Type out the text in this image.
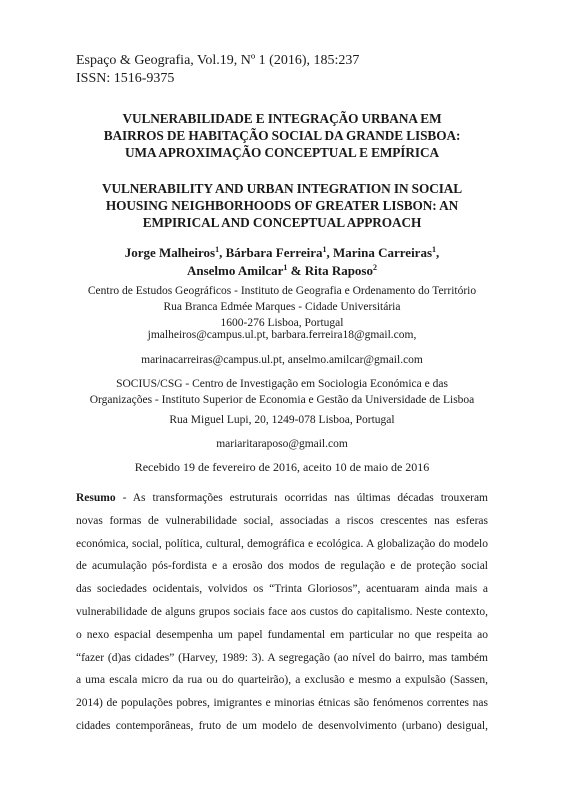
Espaço & Geografia, Vol.19, Nº 1 (2016), 185:237
ISSN: 1516-9375
VULNERABILIDADE E INTEGRAÇÃO URBANA EM
BAIRROS DE HABITAÇÃO SOCIAL DA GRANDE LISBOA:
UMA APROXIMAÇÃO CONCEPTUAL E EMPÍRICA
VULNERABILITY AND URBAN INTEGRATION IN SOCIAL
HOUSING NEIGHBORHOODS OF GREATER LISBON: AN
EMPIRICAL AND CONCEPTUAL APPROACH
Jorge Malheiros$^1$, Bárbara Ferreira$^1$, Marina Carreiras$^1$,
Anselmo Amilcar$^1$ & Rita Raposo$^2$
Centro de Estudos Geográficos - Instituto de Geografia e Ordenamento do Território
Rua Branca Edmée Marques - Cidade Universitária
1600-276 Lisboa, Portugal
jmalheiros@campus.ul.pt, barbara.ferreira18@gmail.com,
marinacarreiras@campus.ul.pt, anselmo.amilcar@gmail.com
SOCIUS/CSG - Centro de Investigação em Sociologia Económica e das
Organizações - Instituto Superior de Economia e Gestão da Universidade de Lisboa
Rua Miguel Lupi, 20, 1249-078 Lisboa, Portugal
mariaritaraposo@gmail.com
Recebido 19 de fevereiro de 2016, aceito 10 de maio de 2016
Resumo - As transformações estruturais ocorridas nas últimas décadas trouxeram
novas formas de vulnerabilidade social, associadas a riscos crescentes nas esferas
económica, social, política, cultural, demográfica e ecológica. A globalização do modelo
de acumulação pós-fordista e a erosão dos modos de regulação e de proteção social
das sociedades ocidentais, volvidos os “Trinta Gloriosos”, acentuaram ainda mais a
vulnerabilidade de alguns grupos sociais face aos custos do capitalismo. Neste contexto,
o nexo espacial desempenha um papel fundamental em particular no que respeita ao
“fazer (d)as cidades” (Harvey, 1989: 3). A segregação (ao nível do bairro, mas também
a uma escala micro da rua ou do quarteirão), a exclusão e mesmo a expulsão (Sassen,
2014) de populações pobres, imigrantes e minorias étnicas são fenómenos correntes nas
cidades contemporâneas, fruto de um modelo de desenvolvimento (urbano) desigual,
